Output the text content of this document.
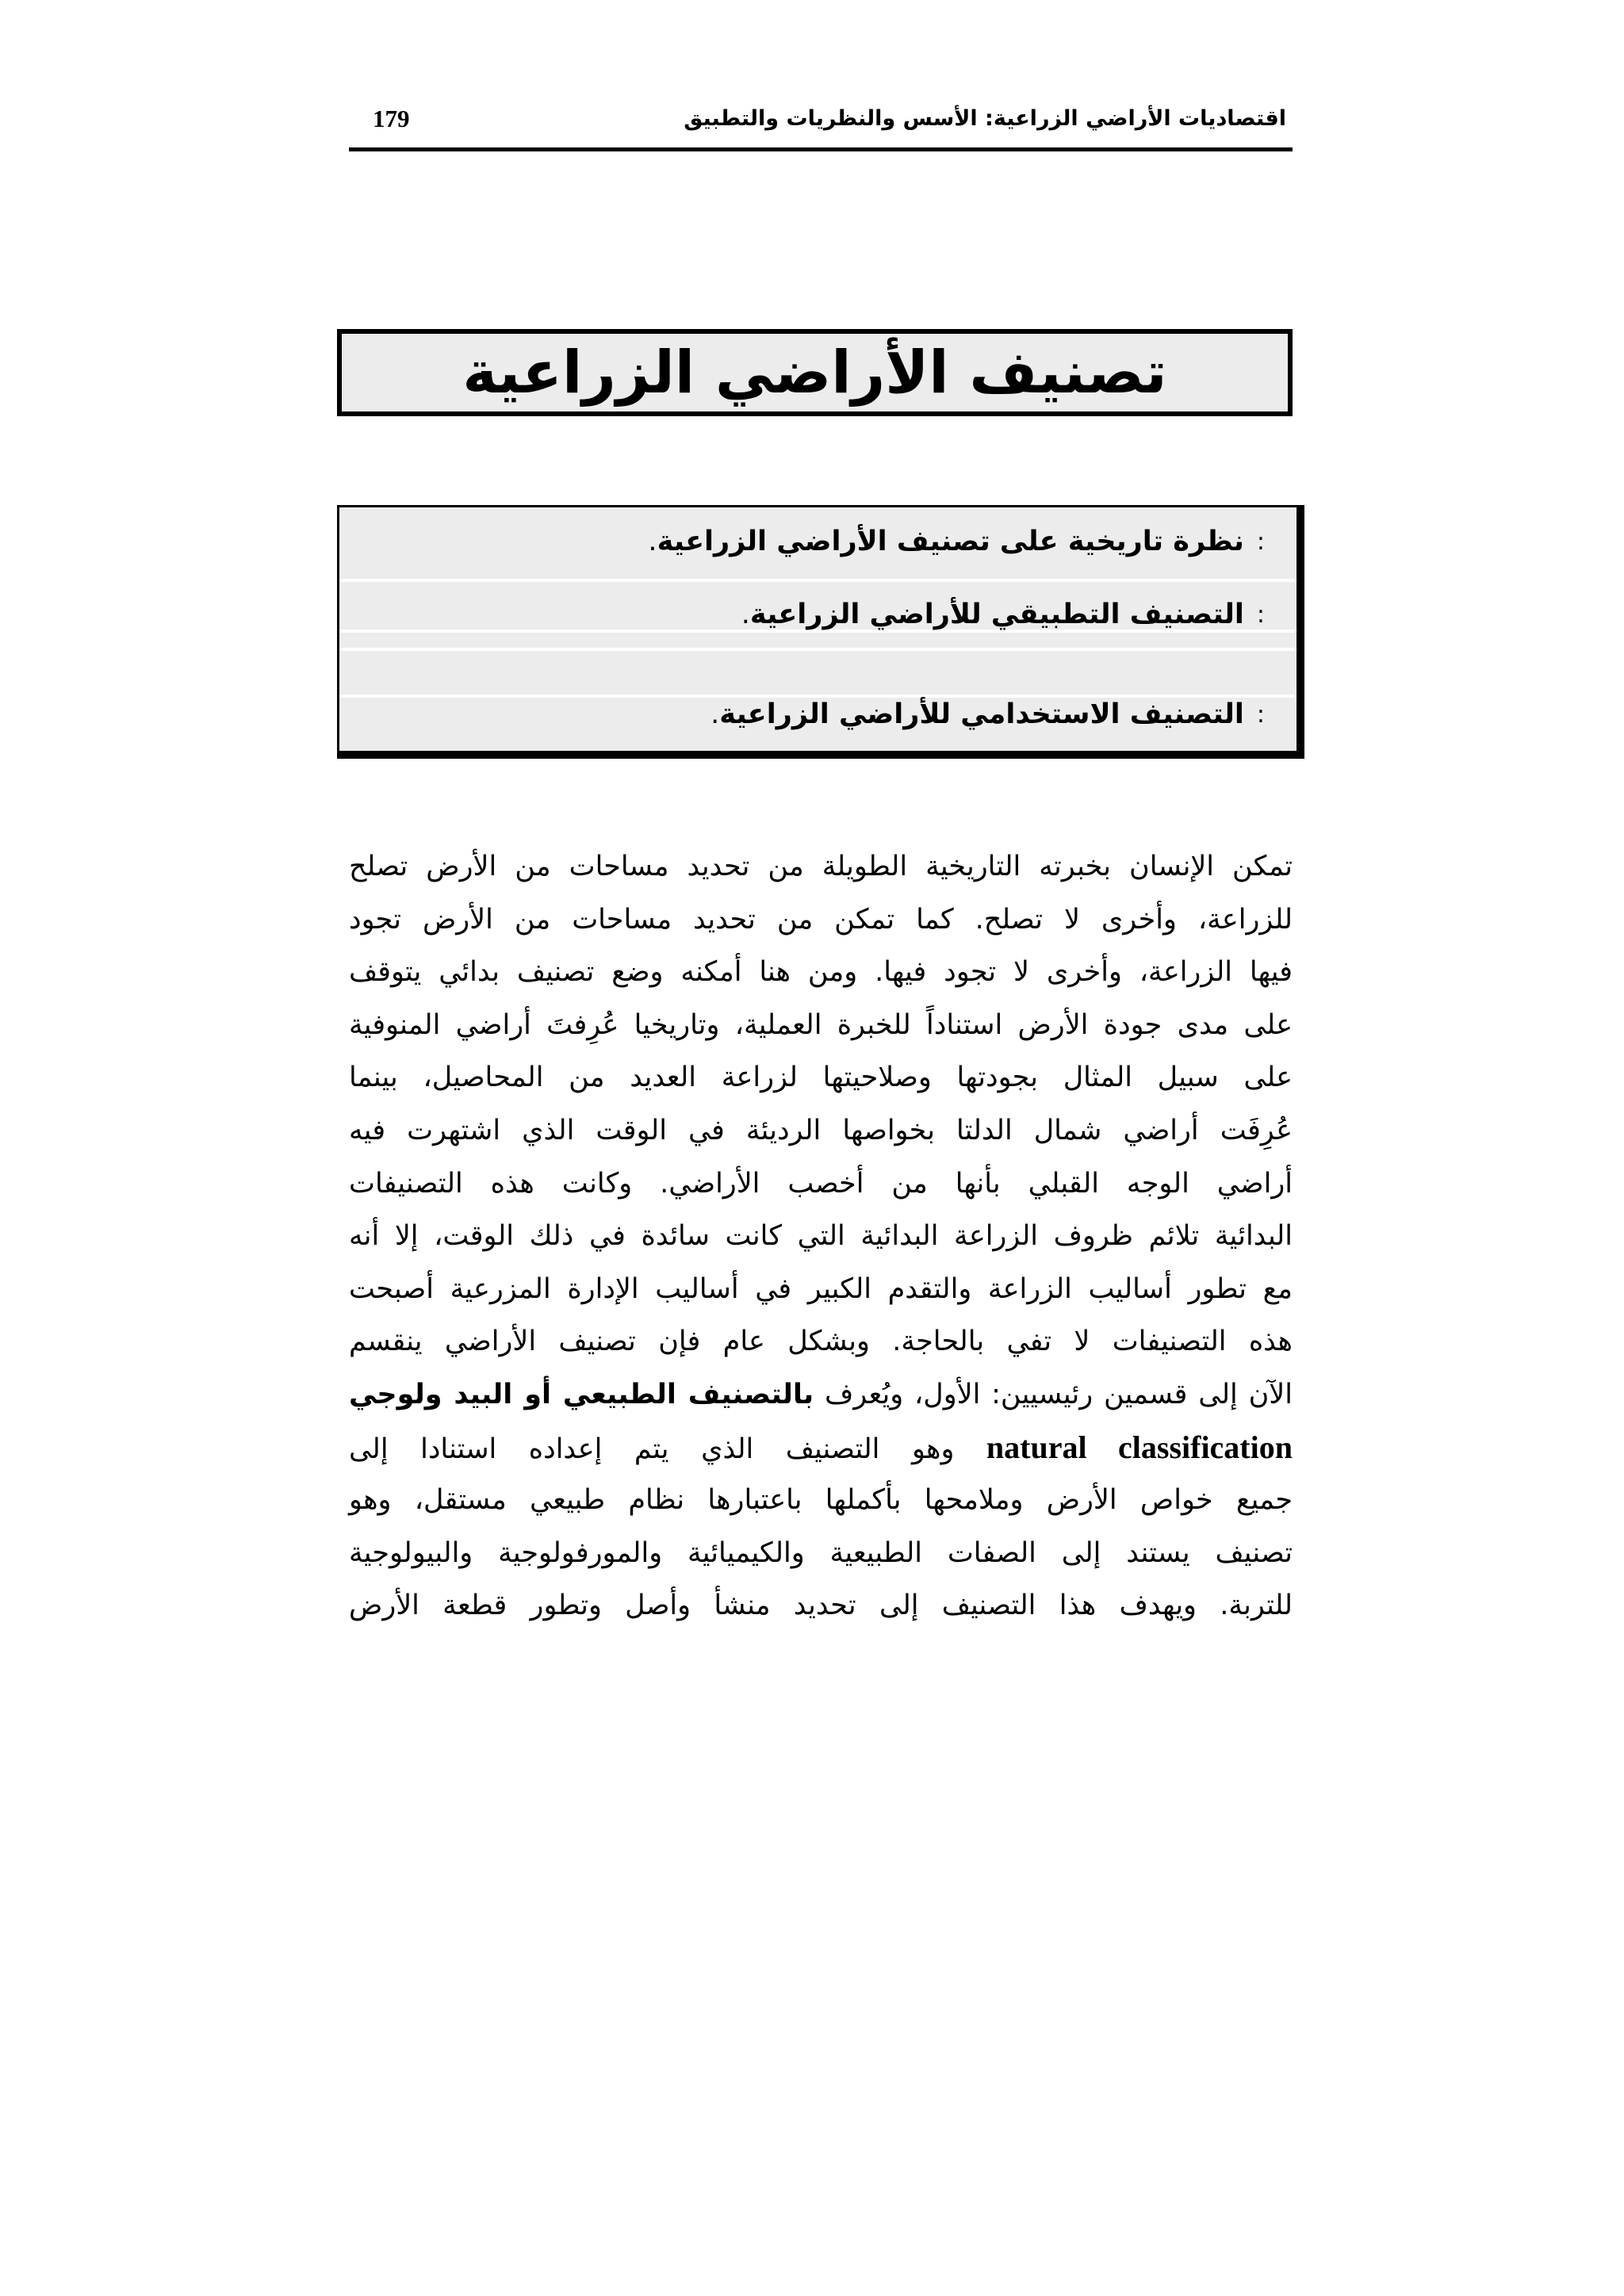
اقتصاديات الأراضي الزراعية: الأسس والنظريات والتطبيق
179
تصنيف الأراضي الزراعية
:
نظرة تاريخية على تصنيف الأراضي الزراعية
.
:
التصنيف التطبيقي للأراضي الزراعية
.
:
التصنيف الاستخدامي للأراضي الزراعية
.
تمكن الإنسان بخبرته التاريخية الطويلة من تحديد مساحات من الأرض تصلح
للزراعة، وأخرى لا تصلح. كما تمكن من تحديد مساحات من الأرض تجود
فيها الزراعة، وأخرى لا تجود فيها. ومن هنا أمكنه وضع تصنيف بدائي يتوقف
على مدى جودة الأرض استناداً للخبرة العملية، وتاريخيا عُرِفتَ أراضي المنوفية
على سبيل المثال بجودتها وصلاحيتها لزراعة العديد من المحاصيل، بينما
عُرِفَت أراضي شمال الدلتا بخواصها الرديئة في الوقت الذي اشتهرت فيه
أراضي الوجه القبلي بأنها من أخصب الأراضي. وكانت هذه التصنيفات
البدائية تلائم ظروف الزراعة البدائية التي كانت سائدة في ذلك الوقت، إلا أنه
مع تطور أساليب الزراعة والتقدم الكبير في أساليب الإدارة المزرعية أصبحت
هذه التصنيفات لا تفي بالحاجة. وبشكل عام فإن تصنيف الأراضي ينقسم
الآن إلى قسمين رئيسيين: الأول، ويُعرف بالتصنيف الطبيعي أو البيد ولوجي
natural classification وهو التصنيف الذي يتم إعداده استنادا إلى
جميع خواص الأرض وملامحها بأكملها باعتبارها نظام طبيعي مستقل، وهو
تصنيف يستند إلى الصفات الطبيعية والكيميائية والمورفولوجية والبيولوجية
للتربة. ويهدف هذا التصنيف إلى تحديد منشأ وأصل وتطور قطعة الأرض
